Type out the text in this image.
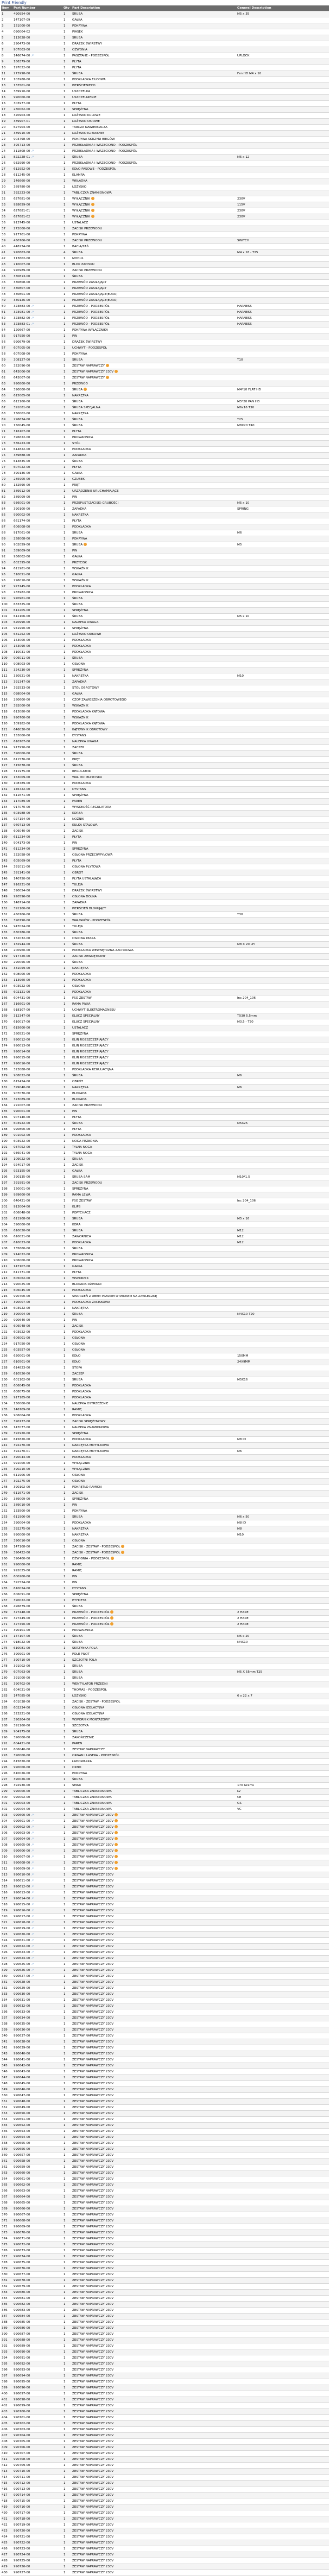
Print Friendly
Item	Part Number	Qty	Part Description	General Description
1	490954-00	1	ŚRUBA	M5 x 35
2	147107-09	1	GAŁKA	
3	151000-00	1	POKRYWA	
4	090004-02	1	PIASEK	
5	113628-00	1	ŚRUBA	
6	290473-00	1	DRAŻEK ŚWIRSTWY	
7	907003-00	1	OŻWONIA	
8	146674-00 ↗	1	PASZTAHE - PODZESPÓŁ	UPLOCK
9	186379-00	1	PŁYTA	
10	197022-00	1	PŁYTA	
11	273998-00	1	ŚRUBA	Fen HD M4 x 10
12	103988-00	1	PODKŁADKA FILCOWA	
13	133501-00	1	PIERŚCIENIECO	
14	389910-00	1	USZCZELKA	
15	990000-00	1	USZCZELNIENIE	
16	303977-00	1	PŁYTA	
17	280062-00	1	SPRĘŻYNA	
18	320903-00	1	ŁOŻYSKO KULOWE	
19	389907-01	1	ŁOŻYSKO OSIOWE	
20	627904-00	1	TARCZA NAWIERCACZA	
21	389910-00	1	ŁOŻYSKO IGIEŁKOWE	
22	903798-00	1	POKRYWA SKRZYNI BIEGÓW	
23	395713-00	1	PRZEKŁADNIA I WRZECIONO - PODZESPÓŁ	
24	311808-00 ↗	1	PRZEKŁADNIA I WRZECIONO - PODZESPÓŁ	
25	822228-01 ↗	1	ŚRUBA	M5 x 12
26	932990-00	1	PRZEKŁADNIA I WRZECIONO - PODZESPÓŁ	
27	612952-00	1	KOŁO PASOWE - PODZESPÓŁ	
28	611245-00	1	KLAMRA	
29	146660-00	1	WKŁADKA	
30	389780-00	2	ŁOŻYSKO	
31	392223-00	1	TABLICZKA ZNAMIONOWA	
32	627681-00	1	WYŁĄCZNIK	230V
33	928659-00	1	WYŁĄCZNIK	115V
34	627681-01	1	WYŁĄCZNIK	230V
35	627681-02	1	WYŁĄCZNIK	230V
36	913745-00	1	USTALACZ	
37	272000-00	1	ZACISK PRZEWODU	
38	917701-00	1	POKRYWA	
39	450706-00	1	ZACISK PRZEWODU	SWITCH
40	448234-00	1	BACIA/ZAŚ	
41	920863-00	4	ŚRUBA	M4 x 18 - T25
42	113602-00	1	MODUŁ	
43	210007-00	1	BLOK ZACISKU	
44	920989-00	1	ZACISK PRZEWODU	
45	330813-00	1	ŚRUBA	
46	330808-00	1	PRZEWÓD ZASILAJĄCY	
47	330807-00	1	PRZEWÓD ZASILAJĄCY	
48	330801-00	1	PRZEWÓD ZASILAJĄCY(EURO)	
49	330126-00	1	PRZEWÓD ZASILAJĄCY(EURO)	
50	323883-00 ↗	1	PRZEWÓD - PODZESPÓŁ	HARNESS
51	323981-00 ↗	1	PRZEWÓD - PODZESPÓŁ	HARNESS
52	323882-00 ↗	1	PRZEWÓD - PODZESPÓŁ	HARNESS
53	323883-01 ↗	1	PRZEWÓD - PODZESPÓŁ	HARNESS
54	120667-00	1	POKRYWA WYŁĄCZNIKA	
55	917950-00	1	PIN	
56	990679-00	1	DRAŻEK ŚWIRSTWY	
57	607005-00	1	UCHWYT - PODZESPÓŁ	
58	607008-00	1	POKRYWA	
59	308127-00	1	ŚRUBA	T10
60	322096-00	1	ZESTAW NAPRAWCZY	
61	643006-00	1	ZESTAW NAPRAWCZY 230V	
62	643007-00	1	ZESTAW NAPRAWCZY	
63	990800-00	1	PRZEWÓD	
64	390000-00	1	ŚRUBA	M4*10 FLAT HD
65	615005-00	1	NAKRĘTKA	
66	612160-00	1	ŚRUBA	M5*20 PAN HD
67	391081-00	1	ŚRUBA SPECJALNA	M6x16 T30
68	150002-00	1	NAKRĘTKA	
69	296634-00	1	ŚRUBA	T25
70	150045-00	1	ŚRUBA	M8X20 T40
71	316107-00	1	PŁYTA	
72	396622-00	1	PROWADNICA	
73	586223-00	1	STÓŁ	
74	614822-00	1	PODKŁADKA	
75	389888-00	1	ZAPADKA	
76	614835-00	1	ŚRUBA	
77	607022-00	1	PŁYTA	
78	390136-00	1	GAŁKA	
79	285900-00	1	CZUBEK	
80	132590-00	1	PRĘT	
81	389912-00	1	URZĄDZENIE URUCHAMIAJĄCE	
82	389009-00	1	PIN	
83	936001-00	1	PRZEPUST(ZACISK) GRUBOŚCI	M5 x 10
84	390100-00	1	ZAPADKA	SPRING
85	990002-00	1	NAKRĘTKA	
86	661174-00	1	PŁYTA	
87	606008-00	1	PODKŁADKA	
88	917061-00	1	ŚRUBA	M6
89	258008-00	1	POKRYWA	
90	902059-00	1	ŚRUBA	M5
91	389009-00	1	PIN	
92	936002-00	1	GAŁKA	
93	602395-00	1	PRZYCISK	
94	611981-00	1	WSKAŹNIK	
95	310051-00	1	GAŁKA	
96	296010-00	1	WSKAŹNIK	
97	923145-00	1	PODKŁADKA	
98	283982-00	1	PROWADNICA	
99	920961-00	1	ŚRUBA	
100	633325-00	1	ŚRUBA	
101	612205-00	1	SPRĘŻYNA	
102	612106-00	1	ŚRUBA	M5 x 10
103	620990-00	1	NALEPKA UWAGA	
104	941950-00	1	SPRĘŻYNA	
105	631252-00	1	ŁOŻYSKO ODKOWE	
106	153000-00	1	PODKŁADKA	
107	153090-00	1	PODKŁADKA	
108	310031-00	1	PODKŁADKA	
109	906011-00	1	ŚRUBA	
110	908003-00	1	OSŁONA	
111	324230-00	1	SPRĘŻYNA	
112	330921-00	1	NAKRĘTKA	M10
113	391347-00	1	ZAPADKA	
114	392533-00	1	STÓŁ OBROTOWY	
115	098004-00	1	GAŁKA	
116	280600-00	1	CZOP ZAWIESZENIA OBROTOWEGO	
117	392000-00	1	WSKAŹNIK	
118	613080-00	1	PODKŁADKA KĄTOWA	
119	990700-00	1	WSKAŹNIK	
120	109182-00	1	PODKŁADKA KĄTOWA	
121	646030-00	1	KĄTOWNIK OBROTOWY	
122	153000-00	1	DYSTANS	
123	610707-00	1	NALEPKA UWAGA	
124	917950-00	1	ZACZEP	
125	390000-00	1	ŚRUBA	
126	611576-00	1	PRĘT	
127	315678-00	1	ŚRUBA	
128	311975-00	1	REGULATOR	
129	153009-00	1	WAŁ DO PRZYCISKU	
130	108789-00	1	PODKŁADKA	
131	146722-00	1	DYSTANS	
132	611671-00	1	SPRĘŻYNA	
133	117089-00	1	PAREN	
134	917070-00	1	WYSOKOŚĆ REGULATORA	
135	603988-00	1	KORBA	
136	927154-00	1	NOŻNIK	
137	960713-00	1	KULKA STALOWA	
138	606040-00	1	ZACISK	
139	611234-00	1	PŁYTA	
140	904173-00	1	PIN	
141	611234-00	1	SPRĘŻYNA	
142	322058-00	1	OSŁONA PRZECIWPYŁOWA	
143	605069-00	1	PŁYTA	
144	391011-00	1	OSŁONA PŁYTOWA	
145	391141-00	1	OBRÓT	
146	140750-00	1	PŁYTA USTALAJĄCA	
147	916231-00	1	TULEJA	
148	390054-00	1	DRAŻEK ŚWIRSTWY	
149	920596-00	1	OSŁONA DOLNA	
150	146714-00	1	ZAPADKA	
151	391100-00	1	PIERŚCIEŃ BLOKUJĄCY	
152	450706-00	1	ŚRUBA	T30
153	390790-00	1	WAŁ/GKÓW - PODZESPÓŁ	
154	947024-00	1	TULEJA	
155	630786-00	1	ŚRUBA	
156	152032-00	1	OSŁONA PASKA	
157	182944-00	1	ŚRUBA	M8 X 20 LH
158	200960-00	1	PODKŁADKA WEWNĘTRZNA ZACISKOWA	
159	917720-00	1	ZACISK ZEWNĘTRZNY	
160	290056-00	1	ŚRUBA	
161	331059-00	1	NAKRĘTKA	
162	608000-00	1	PODKŁADKA	
163	113960-00	1	PODKŁADKA	
164	603922-00	1	OSŁONA	
165	602121-00	1	PODKŁADKA	
166	604431-00	1	FSO ZESTAW	lnc 204_106
167	316601-00	1	RAMA PIŁKA	
168	918107-00	1	UCHWYT ELEKTROMAGNESU	
169	312347-00	1	KLUCZ SPECJALNY	TX30 5.5mm
170	610017-00	1	KLUCZ SPECJALNY	M3.5 - T30
171	615600-00	1	USTALACZ	
172	380521-00	1	SPRĘŻYNA	
173	990012-00	1	KLIN ROZSZCZEPIAJĄCY	
174	990013-00	1	KLIN ROZSZCZEPIAJĄCY	
175	990014-00	1	KLIN ROZSZCZEPIAJĄCY	
176	990015-00	1	KLIN ROZSZCZEPIAJĄCY	
177	990016-00	1	KLIN ROZSZCZEPIAJĄCY	
178	323088-00	1	PODKŁADKA REGULACYJNA	
179	908022-00	1	ŚRUBA	M6
180	615424-00	1	OBRÓT	
181	399040-00	1	NAKRĘTKA	M6
182	907070-00	1	BLOKADA	
183	323089-00	1	BLOKADA	
184	291007-00	1	ZACISK PRZEWODU	
185	990001-00	1	PIN	
186	907140-00	1	PŁYTA	
187	603922-00	1	ŚRUBA	M5X25
188	990800-00	1	PŁYTA	
189	901002-00	1	PODKŁADKA	
190	603922-00	1	NOGA PRZEDNIA	
191	937052-00	1	TYLNA NOGA	
192	936041-00	1	TYLNA NOGA	
193	109022-00	1	ŚRUBA	
194	924017-00	1	ZACISK	
195	923155-00	1	GAŁKA	
196	390135-00	1	ŚRUBA SAM	M10*1.5
197	391991-00	1	ZACISK PRZEWODU	
198	150001-00	1	SPRĘŻYNA	
199	989600-00	1	RAMA LEWA	
200	640421-00	1	FSO ZESTAW	lnc 204_106
201	913004-00	1	KLIPS	
202	606048-00	1	POPYCHACZ	
203	611908-00	1	ŚRUBA	M5 x 16
204	390000-00	1	KORA	
205	610020-00	1	ŚRUBA	M12
206	610021-00	1	ZAWORNICA	M12
207	610023-00	1	PODKŁADKA	M12
208	135660-00	1	ŚRUBA	
209	914022-00	1	PROWADNICA	
210	906000-00	1	PROWADNICA	
211	147107-00	1	GAŁKA	
212	611771-00	1	PŁYTA	
213	605062-00	1	WSPORNIK	
214	990025-00	1	BLOKADA DŻWIGNI	
215	606045-00	1	PODKŁADKA	
216	990700-00	1	SWORZEŃ Z UBEM PŁASKIM OTWOREM NA ZAWLECZKĘ	
217	390007-00	1	PODKŁADKA ZACISKOWA	
218	603922-00	1	NAKRĘTKA	
219	390004-00	1	ŚRUBA	M4X10 T20
220	990640-00	1	PIN	
221	606048-00	1	ZACISK	
222	603922-00	1	PODKŁADKA	
223	606001-00	1	OSŁONA	
224	917050-00	1	OSŁONA	
225	603557-00	1	OSŁONA	
226	630001-00	1	KOŁO	150MM
227	610501-00	1	KOŁO	24X9MM
228	614823-00	1	STOPA	
229	610526-00	1	ZACZEP	
230	601102-00	1	ŚRUBA	M5X16
231	606045-00	1	PODKŁADKA	
232	608075-00	1	PODKŁADKA	
233	917185-00	1	PODKŁADKA	
234	150000-00	1	NALEPKA OSTRZEŻENIE	
235	146709-00	1	RAMIĘ	
236	906004-00	1	PODKŁADKA	
237	390137-00	1	ZACISK SPRĘŻYNOWY	
238	147077-00	1	NALEPKA ZNAMIONOWA	
239	392920-00	1	SPRĘŻYNA	
240	615820-00	1	PODKŁADKA	M8 ID
241	392270-00	1	NAKRĘTKA MOTYLKOWA	
242	392270-01	1	NAKRĘTKA MOTYLKOWA	M6
243	390044-00	1	PODKŁADKA	
244	991000-00	1	WYŁĄCZNIK	
245	390210-00	1	WYŁĄCZNIK	
246	611906-00	1	OSŁONA	
247	392275-00	1	OSŁONA	
248	390102-00	1	POKRĘTŁO RAMION	
249	611671-00	1	ZACISK	
250	389009-00	1	SPRĘŻYNA	
251	389010-00	1	PIN	
252	133500-00	1	POKRYWA	
253	611906-00	1	ŚRUBA	M6 x 50
254	390004-00	1	PODKŁADKA	M8 ID
255	392275-00	1	NAKRĘTKA	M8
256	990000-00	1	NAKRĘTKA	M10
257	390016-00	1	OSŁONA	
258	147108-00	1	ZACISK - ZESTAW - PODZESPÓŁ	
259	390422-00	1	ZACISK - ZESTAW - PODZESPÓŁ	
260	390400-00	1	DŻWIGNIA - PODZESPÓŁ	
261	990000-00	1	RAMIĘ	
262	992025-00	1	RAMIĘ	
263	600200-00	1	PIN	
264	391524-00	1	PIN	
265	610024-00	1	DYSTANS	
266	606091-00	1	SPRĘŻYNA	
267	390022-00	1	ETYKIETA	
268	496879-00	1	ŚRUBA	
269	327448-00	1	PRZEWÓD - PODZESPÓŁ	2 HARE
270	327449-00	1	PRZEWÓD - PODZESPÓŁ	2 HARE
271	327450-00	1	PRZEWÓD - PODZESPÓŁ	2 HARE
272	390101-00	1	PROWADNICA	
273	147107-00	1	ŚRUBA	M5 x 20
274	918022-00	1	ŚRUBA	M4X10
275	610081-00	1	SKRZYNKA POLA	
276	390901-00	1	POLE PILOT	
277	390710-00	1	SZCZOTNI POLA	
278	391002-00	1	ŚRUBA	
279	607063-00	1	ŚRUBA	M5 X 55mm T25
280	391000-00	1	ŚRUBA	
281	390702-00	1	WENTYLATOR PRZEDNI	
282	604021-00	1	THOMAS - PODZESPÓŁ	
283	147085-00	1	ŁOŻYSKO	6 x 22 x 7
284	601038-00	1	ZACISK - ZESTAW - PODZESPÓŁ	
285	602234-00	1	OSŁONA IZOLACYJNA	
286	323221-00	1	OSŁONA IZOLACYJNA	
287	390204-00	1	WSPORNIK MONTAŻOWY	
288	391160-00	1	SZCZOTKA	
289	904175-00	1	ŚRUBA	
290	390000-00	1	ZAKOŃCZENIE	
291	604421-00	1	PAREN	
292	606040-00	1	ZESTAW NAPRAWCZY	
293	390000-00	1	ORGAN I LASERA - PODZESPÓŁ	
294	615820-00	1	ŁADOWARKA	
295	990000-00	1	OKNO	
296	610026-00	1	POKRYWA	
297	390026-00	1	ŚRUBA	
298	392930-00	1	SMAR	170 Grams
299	990000-00	1	TABLICZKA ZNAMIONOWA	LV
300	990002-00	1	TABLICZKA ZNAMIONOWA	CE
301	990003-00	1	TABLICZKA ZNAMIONOWA	GS
302	990004-00	1	TABLICZKA ZNAMIONOWA	VC
303	990600-00 ↗	1	ZESTAW NAPRAWCZY 230V	
304	990601-00 ↗	1	ZESTAW NAPRAWCZY 230V	
305	990602-00 ↗	1	ZESTAW NAPRAWCZY 230V	
306	990603-00 ↗	1	ZESTAW NAPRAWCZY 230V	
307	990604-00 ↗	1	ZESTAW NAPRAWCZY 230V	
308	990605-00 ↗	1	ZESTAW NAPRAWCZY 230V	
309	990606-00 ↗	1	ZESTAW NAPRAWCZY 230V	
310	990607-00 ↗	1	ZESTAW NAPRAWCZY 230V	
311	990608-00 ↗	1	ZESTAW NAPRAWCZY 230V	
312	990609-00 ↗	1	ZESTAW NAPRAWCZY 230V	
313	990610-00 ↗	1	ZESTAW NAPRAWCZY 230V	
314	990611-00 ↗	1	ZESTAW NAPRAWCZY 230V	
315	990612-00 ↗	1	ZESTAW NAPRAWCZY 230V	
316	990613-00 ↗	1	ZESTAW NAPRAWCZY 230V	
317	990614-00 ↗	1	ZESTAW NAPRAWCZY 230V	
318	990615-00 ↗	1	ZESTAW NAPRAWCZY 230V	
319	990616-00 ↗	1	ZESTAW NAPRAWCZY 230V	
320	990617-00 ↗	1	ZESTAW NAPRAWCZY 230V	
321	990618-00 ↗	1	ZESTAW NAPRAWCZY 230V	
322	990619-00 ↗	1	ZESTAW NAPRAWCZY 230V	
323	990620-00 ↗	1	ZESTAW NAPRAWCZY 230V	
324	990621-00 ↗	1	ZESTAW NAPRAWCZY 230V	
325	990622-00 ↗	1	ZESTAW NAPRAWCZY 230V	
326	990623-00 ↗	1	ZESTAW NAPRAWCZY 230V	
327	990624-00 ↗	1	ZESTAW NAPRAWCZY 230V	
328	990625-00 ↗	1	ZESTAW NAPRAWCZY 230V	
329	990626-00 ↗	1	ZESTAW NAPRAWCZY 230V	
330	990627-00 ↗	1	ZESTAW NAPRAWCZY 230V	
331	990628-00	1	ZESTAW NAPRAWCZY 230V	
332	990629-00	1	ZESTAW NAPRAWCZY 230V	
333	990630-00	1	ZESTAW NAPRAWCZY 230V	
334	990631-00	1	ZESTAW NAPRAWCZY 230V	
335	990632-00	1	ZESTAW NAPRAWCZY 230V	
336	990633-00	1	ZESTAW NAPRAWCZY 230V	
337	990634-00	1	ZESTAW NAPRAWCZY 230V	
338	990635-00	1	ZESTAW NAPRAWCZY 230V	
339	990636-00	1	ZESTAW NAPRAWCZY 230V	
340	990637-00	1	ZESTAW NAPRAWCZY 230V	
341	990638-00	1	ZESTAW NAPRAWCZY 230V	
342	990639-00	1	ZESTAW NAPRAWCZY 230V	
343	990640-00	1	ZESTAW NAPRAWCZY 230V	
344	990641-00	1	ZESTAW NAPRAWCZY 230V	
345	990642-00	1	ZESTAW NAPRAWCZY 230V	
346	990643-00	1	ZESTAW NAPRAWCZY 230V	
347	990644-00	1	ZESTAW NAPRAWCZY 230V	
348	990645-00	1	ZESTAW NAPRAWCZY 230V	
349	990646-00	1	ZESTAW NAPRAWCZY 230V	
350	990647-00	1	ZESTAW NAPRAWCZY 230V	
351	990648-00	1	ZESTAW NAPRAWCZY 230V	
352	990649-00	1	ZESTAW NAPRAWCZY 230V	
353	990650-00	1	ZESTAW NAPRAWCZY 230V	
354	990651-00	1	ZESTAW NAPRAWCZY 230V	
355	990652-00	1	ZESTAW NAPRAWCZY 230V	
356	990653-00	1	ZESTAW NAPRAWCZY 230V	
357	990654-00	1	ZESTAW NAPRAWCZY 230V	
358	990655-00	1	ZESTAW NAPRAWCZY 230V	
359	990656-00	1	ZESTAW NAPRAWCZY 230V	
360	990657-00	1	ZESTAW NAPRAWCZY 230V	
361	990658-00	1	ZESTAW NAPRAWCZY 230V	
362	990659-00	1	ZESTAW NAPRAWCZY 230V	
363	990660-00	1	ZESTAW NAPRAWCZY 230V	
364	990661-00	1	ZESTAW NAPRAWCZY 230V	
365	990662-00	1	ZESTAW NAPRAWCZY 230V	
366	990663-00	1	ZESTAW NAPRAWCZY 230V	
367	990664-00	1	ZESTAW NAPRAWCZY 230V	
368	990665-00	1	ZESTAW NAPRAWCZY 230V	
369	990666-00	1	ZESTAW NAPRAWCZY 230V	
370	990667-00	1	ZESTAW NAPRAWCZY 230V	
371	990668-00	1	ZESTAW NAPRAWCZY 230V	
372	990669-00	1	ZESTAW NAPRAWCZY 230V	
373	990670-00	1	ZESTAW NAPRAWCZY 230V	
374	990671-00	1	ZESTAW NAPRAWCZY 230V	
375	990672-00	1	ZESTAW NAPRAWCZY 230V	
376	990673-00	1	ZESTAW NAPRAWCZY 230V	
377	990674-00	1	ZESTAW NAPRAWCZY 230V	
378	990675-00	1	ZESTAW NAPRAWCZY 230V	
379	990676-00	1	ZESTAW NAPRAWCZY 230V	
380	990677-00	1	ZESTAW NAPRAWCZY 230V	
381	990678-00	1	ZESTAW NAPRAWCZY 230V	
382	990679-00	1	ZESTAW NAPRAWCZY 230V	
383	990680-00	1	ZESTAW NAPRAWCZY 230V	
384	990681-00	1	ZESTAW NAPRAWCZY 230V	
385	990682-00	1	ZESTAW NAPRAWCZY 230V	
386	990683-00	1	ZESTAW NAPRAWCZY 230V	
387	990684-00	1	ZESTAW NAPRAWCZY 230V	
388	990685-00	1	ZESTAW NAPRAWCZY 230V	
389	990686-00	1	ZESTAW NAPRAWCZY 230V	
390	990687-00	1	ZESTAW NAPRAWCZY 230V	
391	990688-00	1	ZESTAW NAPRAWCZY 230V	
392	990689-00	1	ZESTAW NAPRAWCZY 230V	
393	990690-00	1	ZESTAW NAPRAWCZY 230V	
394	990691-00	1	ZESTAW NAPRAWCZY 230V	
395	990692-00	1	ZESTAW NAPRAWCZY 230V	
396	990693-00	1	ZESTAW NAPRAWCZY 230V	
397	990694-00	1	ZESTAW NAPRAWCZY 230V	
398	990695-00	1	ZESTAW NAPRAWCZY 230V	
399	990696-00	1	ZESTAW NAPRAWCZY 230V	
400	990697-00	1	ZESTAW NAPRAWCZY 230V	
401	990698-00	1	ZESTAW NAPRAWCZY 230V	
402	990699-00	1	ZESTAW NAPRAWCZY 230V	
403	990700-00	1	ZESTAW NAPRAWCZY 230V	
404	990701-00	1	ZESTAW NAPRAWCZY 230V	
405	990702-00	1	ZESTAW NAPRAWCZY 230V	
406	990703-00	1	ZESTAW NAPRAWCZY 230V	
407	990704-00	1	ZESTAW NAPRAWCZY 230V	
408	990705-00	1	ZESTAW NAPRAWCZY 230V	
409	990706-00	1	ZESTAW NAPRAWCZY 230V	
410	990707-00	1	ZESTAW NAPRAWCZY 230V	
411	990708-00	1	ZESTAW NAPRAWCZY 230V	
412	990709-00	1	ZESTAW NAPRAWCZY 230V	
413	990710-00	1	ZESTAW NAPRAWCZY 230V	
414	990711-00	1	ZESTAW NAPRAWCZY 230V	
415	990712-00	1	ZESTAW NAPRAWCZY 230V	
416	990713-00	1	ZESTAW NAPRAWCZY 230V	
417	990714-00	1	ZESTAW NAPRAWCZY 230V	
418	990715-00	1	ZESTAW NAPRAWCZY 230V	
419	990716-00	1	ZESTAW NAPRAWCZY 230V	
420	990717-00	1	ZESTAW NAPRAWCZY 230V	
421	990718-00	1	ZESTAW NAPRAWCZY 230V	
422	990719-00	1	ZESTAW NAPRAWCZY 230V	
423	990720-00	1	ZESTAW NAPRAWCZY 230V	
424	990721-00	1	ZESTAW NAPRAWCZY 230V	
425	990722-00	1	ZESTAW NAPRAWCZY 230V	
426	990723-00	1	ZESTAW NAPRAWCZY 230V	
427	990724-00	1	ZESTAW NAPRAWCZY 230V	
428	990725-00	1	ZESTAW NAPRAWCZY 230V	
429	990726-00	1	ZESTAW NAPRAWCZY 230V	
430	990727-00	1	ZESTAW NAPRAWCZY 230V	
